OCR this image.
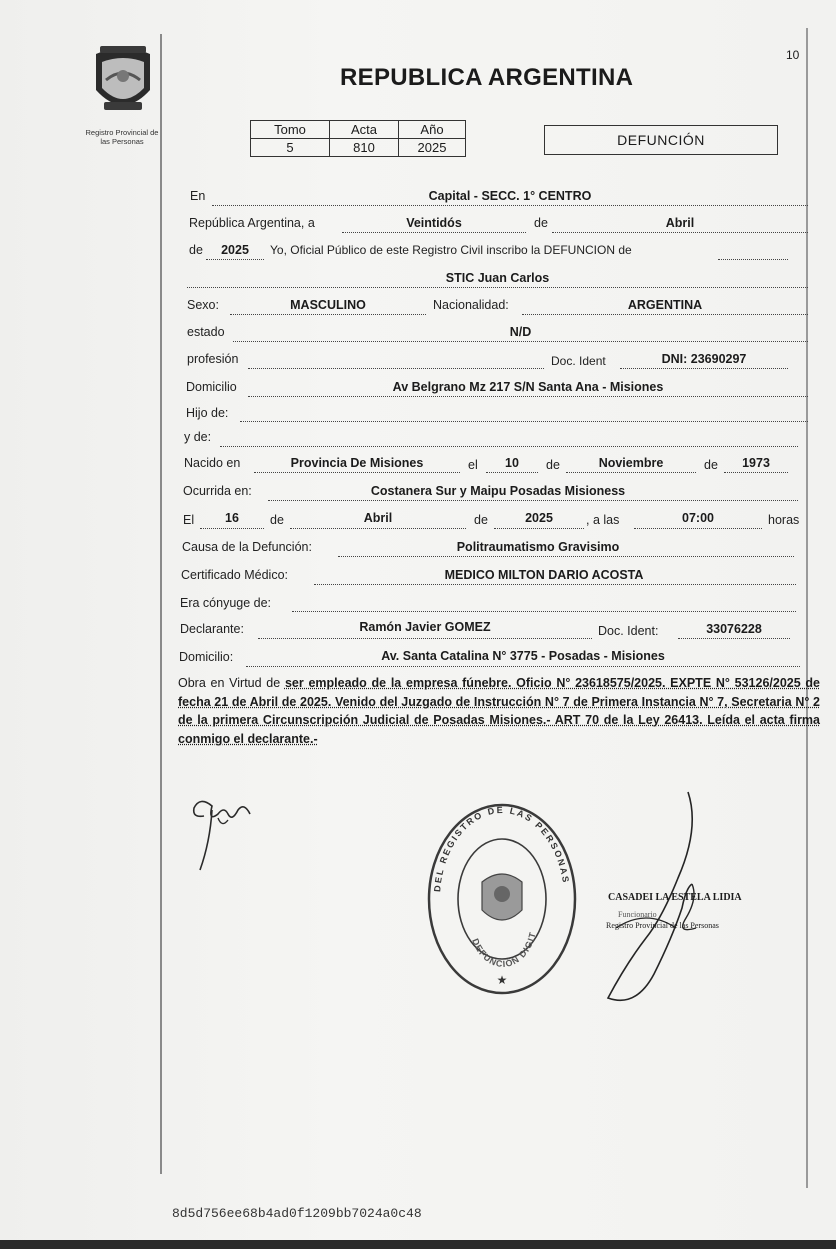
10
Registro Provincial de
las Personas
REPUBLICA ARGENTINA
Tomo	Acta	Año
5	810	2025	DEFUNCIÓN
En	Capital - SECC. 1° CENTRO
República Argentina, a	Veintidós	de	Abril
de	2025	Yo, Oficial Público de este Registro Civil inscribo la DEFUNCION de
STIC Juan Carlos
Sexo:	MASCULINO	Nacionalidad:	ARGENTINA
estado	N/D
profesión	Doc. Ident	DNI: 23690297
Domicilio	Av Belgrano Mz 217 S/N Santa Ana - Misiones
Hijo de:
y de:
Nacido en	Provincia De Misiones	el	10	de	Noviembre	de	1973
Ocurrida en:	Costanera Sur y Maipu Posadas Misioness
El	16	de	Abril	de	2025	, a las	07:00	horas
Causa de la Defunción:	Politraumatismo Gravisimo
Certificado Médico:	MEDICO MILTON DARIO ACOSTA
Era cónyuge de:
Declarante:	Ramón Javier GOMEZ	Doc. Ident:	33076228
Domicilio:	Av. Santa Catalina N° 3775 - Posadas - Misiones
Obra en Virtud de ser empleado de la empresa fúnebre. Oficio N° 23618575/2025. EXPTE N° 53126/2025 de fecha 21 de Abril de 2025. Venido del Juzgado de Instrucción N° 7 de Primera Instancia N° 7, Secretaria N° 2 de la primera Circunscripción Judicial de Posadas Misiones.- ART 70 de la Ley 26413. Leída el acta firma conmigo el declarante.-
DEL REGISTRO DE LAS PERSONAS
DEFUNCIÓN DIGIT
★
CASADEI LA ESTELA LIDIA
Funcionario
Registro Provincial de las Personas
8d5d756ee68b4ad0f1209bb7024a0c48
